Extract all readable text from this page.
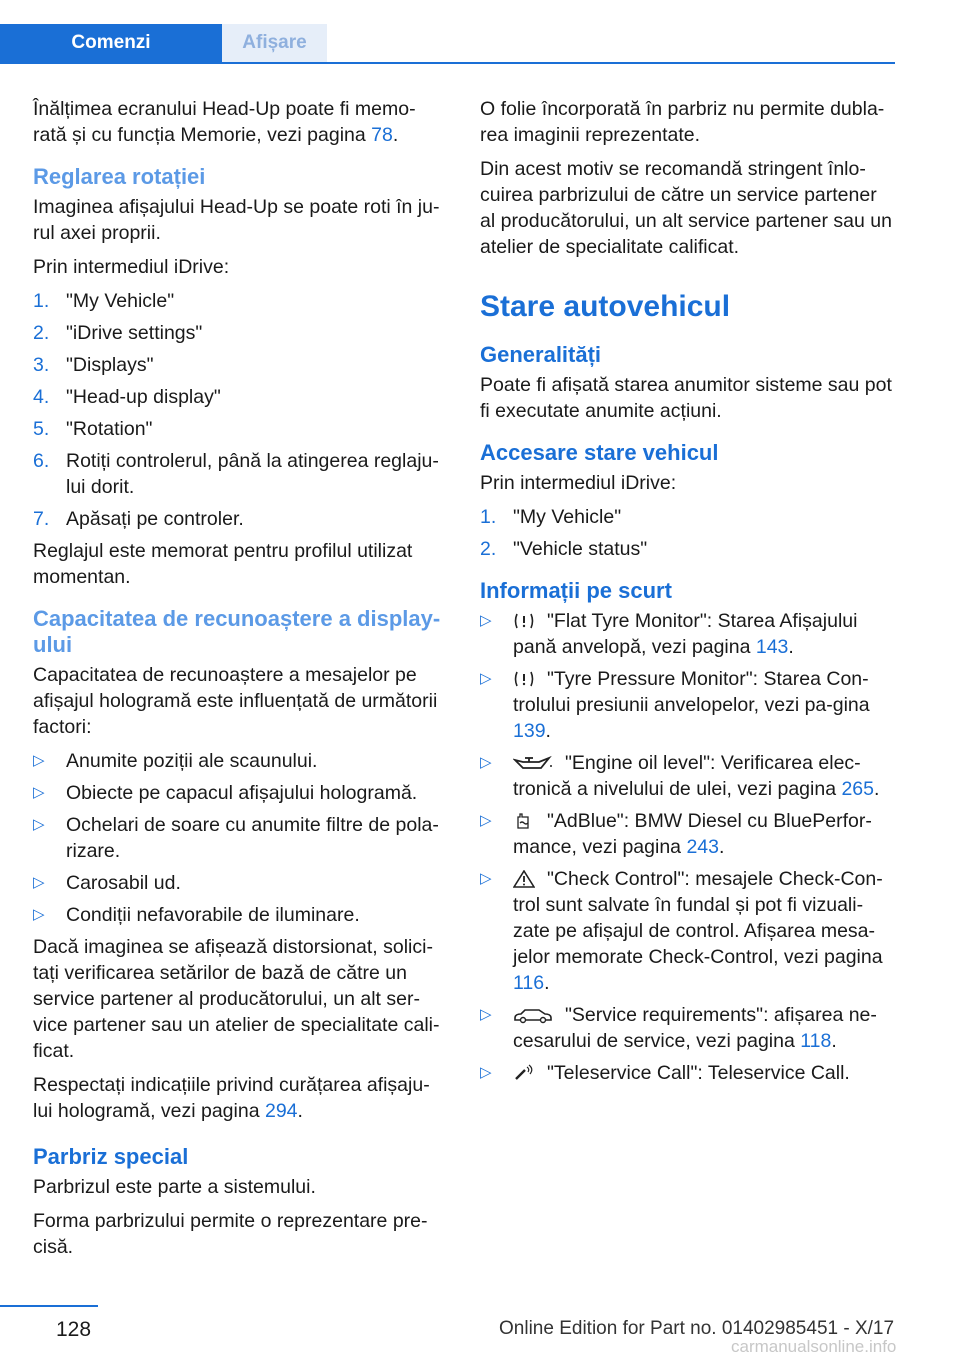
Comenzi	Afișare

Înălțimea ecranului Head-Up poate fi memo-rată și cu funcția Memorie, vezi pagina 78.

Reglarea rotației

Imaginea afișajului Head-Up se poate roti în ju-rul axei proprii.

Prin intermediul iDrive:

1. "My Vehicle"
2. "iDrive settings"
3. "Displays"
4. "Head-up display"
5. "Rotation"
6. Rotiți controlerul, până la atingerea reglaju-lui dorit.
7. Apăsați pe controler.

Reglajul este memorat pentru profilul utilizat momentan.

Capacitatea de recunoaștere a display-ului

Capacitatea de recunoaștere a mesajelor pe afișajul hologramă este influențată de următorii factori:

▷ Anumite poziții ale scaunului.
▷ Obiecte pe capacul afișajului hologramă.
▷ Ochelari de soare cu anumite filtre de pola-rizare.
▷ Carosabil ud.
▷ Condiții nefavorabile de iluminare.

Dacă imaginea se afișează distorsionat, solici-tați verificarea setărilor de bază de către un service partener al producătorului, un alt ser-vice partener sau un atelier de specialitate cali-ficat.

Respectați indicațiile privind curățarea afișaju-lui hologramă, vezi pagina 294.

Parbriz special

Parbrizul este parte a sistemului.

Forma parbrizului permite o reprezentare pre-cisă.

O folie încorporată în parbriz nu permite dubla-rea imaginii reprezentate.

Din acest motiv se recomandă stringent înlo-cuirea parbrizului de către un service partener al producătorului, un alt service partener sau un atelier de specialitate calificat.

Stare autovehicul
Generalități

Poate fi afișată starea anumitor sisteme sau pot fi executate anumite acțiuni.

Accesare stare vehicul

Prin intermediul iDrive:

1. "My Vehicle"
2. "Vehicle status"
Informații pe scurt
▷	"Flat Tyre Monitor": Starea Afișajului pană anvelopă, vezi pagina 143.
▷	"Tyre Pressure Monitor": Starea Con-trolului presiunii anvelopelor, vezi pa-gina 139.
▷	"Engine oil level": Verificarea elec-tronică a nivelului de ulei, vezi pagina 265.
▷	"AdBlue": BMW Diesel cu BluePerfor-mance, vezi pagina 243.
▷	"Check Control": mesajele Check-Con-trol sunt salvate în fundal și pot fi vizuali-zate pe afișajul de control. Afișarea mesa-jelor memorate Check-Control, vezi pagina 116.
▷	"Service requirements": afișarea ne-cesarului de service, vezi pagina 118.
▷	"Teleservice Call": Teleservice Call.
128	Online Edition for Part no. 01402985451 - X/17
carmanualsonline.info
